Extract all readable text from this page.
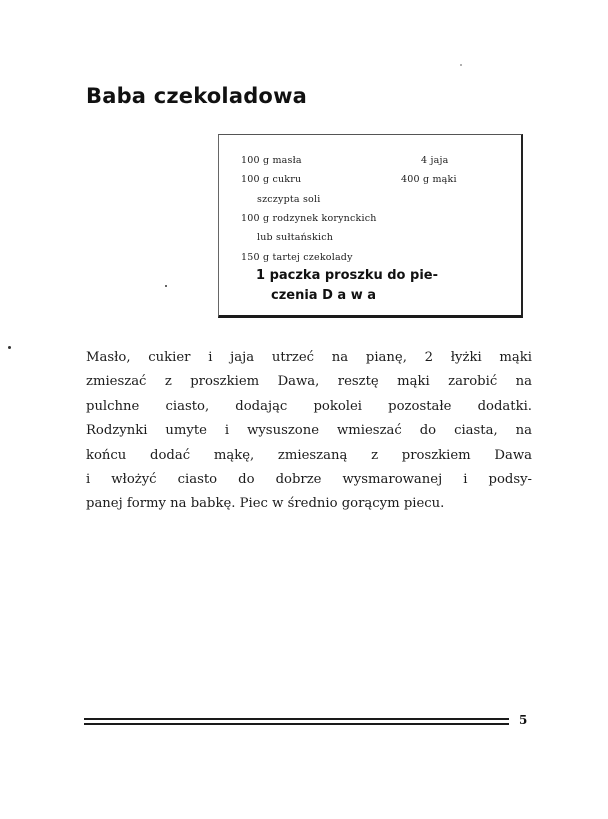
Baba czekoladowa
100 g masła
100 g cukru
szczypta soli
100 g rodzynek korynckich
lub sułtańskich
150 g tartej czekolady
4 jaja
400 g mąki
1 paczka proszku do pie-
czenia D a w a
Masło, cukier i jaja utrzeć na pianę, 2 łyżki mąki
zmieszać z proszkiem Dawa, resztę mąki zarobić na
pulchne ciasto, dodając pokolei pozostałe dodatki.
Rodzynki umyte i wysuszone wmieszać do ciasta, na
końcu dodać mąkę, zmieszaną z proszkiem Dawa
i włożyć ciasto do dobrze wysmarowanej i podsy-
panej formy na babkę. Piec w średnio gorącym piecu.
5
